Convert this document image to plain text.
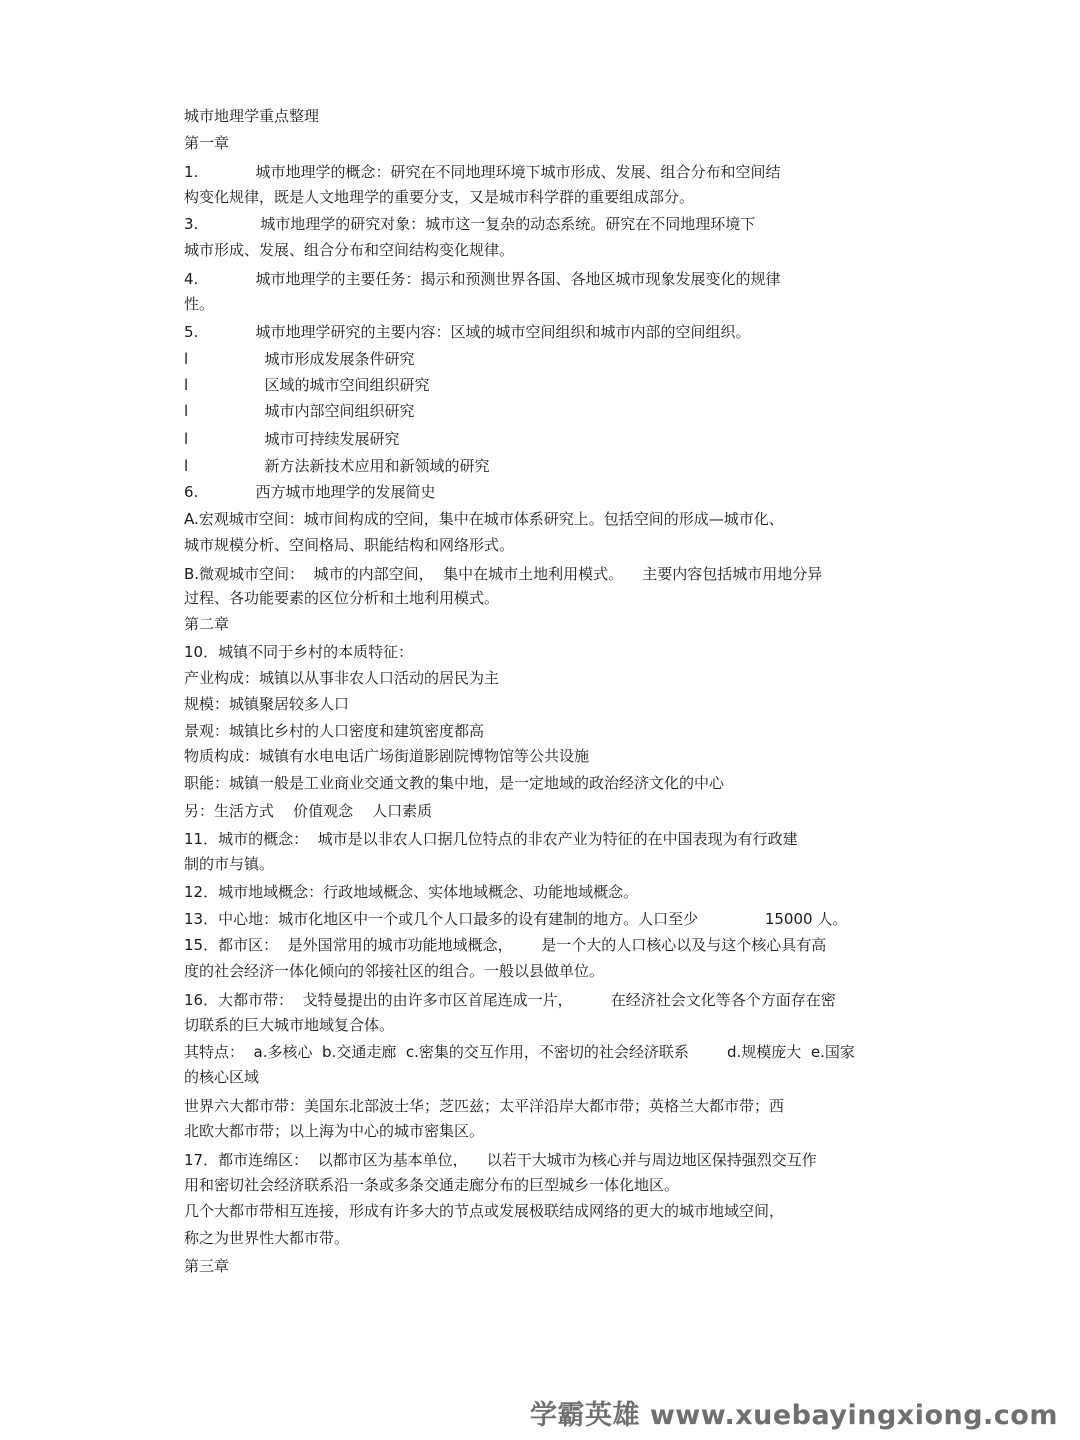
城市地理学重点整理
第一章
1.            城市地理学的概念：研究在不同地理环境下城市形成、发展、组合分布和空间结
构变化规律，既是人文地理学的重要分支，又是城市科学群的重要组成部分。
3.             城市地理学的研究对象：城市这一复杂的动态系统。研究在不同地理环境下
城市形成、发展、组合分布和空间结构变化规律。
4.            城市地理学的主要任务：揭示和预测世界各国、各地区城市现象发展变化的规律
性。
5.            城市地理学研究的主要内容：区域的城市空间组织和城市内部的空间组织。
l                城市形成发展条件研究
l                区域的城市空间组织研究
l                城市内部空间组织研究
l                城市可持续发展研究
l                新方法新技术应用和新领域的研究
6.            西方城市地理学的发展简史
A.宏观城市空间：城市间构成的空间，集中在城市体系研究上。包括空间的形成—城市化、
城市规模分析、空间格局、职能结构和网络形式。
B.微观城市空间：  城市的内部空间，  集中在城市土地利用模式。    主要内容包括城市用地分异
过程、各功能要素的区位分析和土地利用模式。
第二章
10．城镇不同于乡村的本质特征：
产业构成：城镇以从事非农人口活动的居民为主
规模：城镇聚居较多人口
景观：城镇比乡村的人口密度和建筑密度都高
物质构成：城镇有水电电话广场街道影剧院博物馆等公共设施
职能：城镇一般是工业商业交通文教的集中地，是一定地域的政治经济文化的中心
另：生活方式    价值观念    人口素质
11．城市的概念：  城市是以非农人口据几位特点的非农产业为特征的在中国表现为有行政建
制的市与镇。
12．城市地域概念：行政地域概念、实体地域概念、功能地域概念。
13．中心地：城市化地区中一个或几个人口最多的设有建制的地方。人口至少              15000 人。
15．都市区：  是外国常用的城市功能地域概念，      是一个大的人口核心以及与这个核心具有高
度的社会经济一体化倾向的邻接社区的组合。一般以县做单位。
16．大都市带：  戈特曼提出的由许多市区首尾连成一片，        在经济社会文化等各个方面存在密
切联系的巨大城市地域复合体。
其特点：  a.多核心  b.交通走廊  c.密集的交互作用，不密切的社会经济联系        d.规模庞大  e.国家
的核心区域
世界六大都市带：美国东北部波士华；芝匹兹；太平洋沿岸大都市带；英格兰大都市带；西
北欧大都市带；以上海为中心的城市密集区。
17．都市连绵区：  以都市区为基本单位，    以若干大城市为核心并与周边地区保持强烈交互作
用和密切社会经济联系沿一条或多条交通走廊分布的巨型城乡一体化地区。
几个大都市带相互连接，形成有许多大的节点或发展极联结成网络的更大的城市地域空间，
称之为世界性大都市带。
第三章
学霸英雄 www.xuebayingxiong.com
